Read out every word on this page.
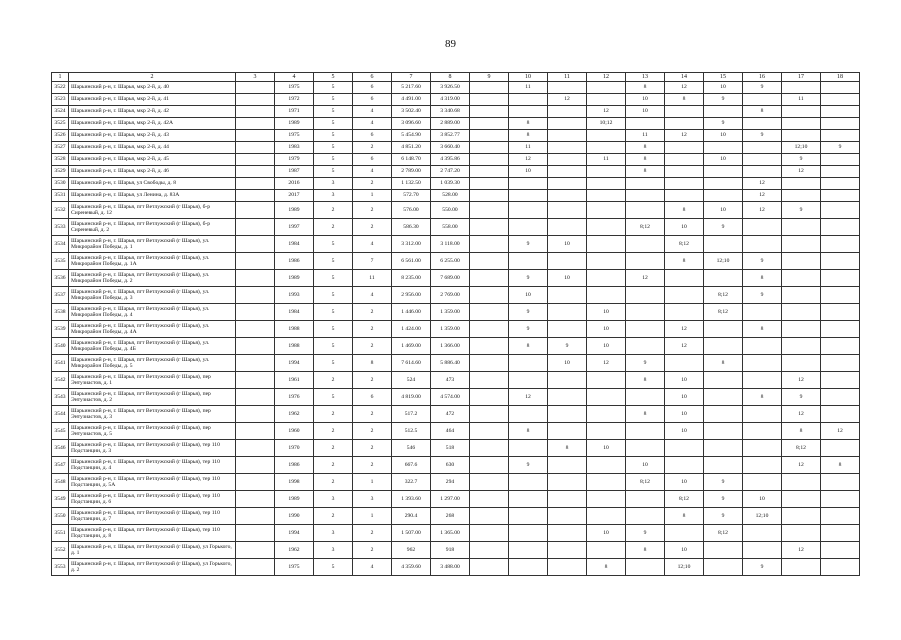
89
1	2	3	4	5	6	7	8	9	10	11	12	13	14	15	16	17	18
3522	Шарьинский р-н, г. Шарья, мкр 2-й, д. 40		1975	5	6	5 217.60	3 926.50		11			8	12	10	9		
3523	Шарьинский р-н, г. Шарья, мкр 2-й, д. 41		1972	5	6	4 491.00	4 319.00			12		10	8	9		11	
3524	Шарьинский р-н, г. Шарья, мкр 2-й, д. 42		1971	5	4	3 502.40	3 340.68				12	10			8		
3525	Шарьинский р-н, г. Шарья, мкр 2-й, д. 42А		1989	5	4	3 096.60	2 889.00		8		10;12			9			
3526	Шарьинский р-н, г. Шарья, мкр 2-й, д. 43		1975	5	6	5 454.90	3 852.77		8			11	12	10	9		
3527	Шарьинский р-н, г. Шарья, мкр 2-й, д. 44		1983	5	2	4 851.20	3 660.40		11			8				12;10	9
3528	Шарьинский р-н, г. Шарья, мкр 2-й, д. 45		1979	5	6	6 148.70	4 395.86		12		11	8		10		9	
3529	Шарьинский р-н, г. Шарья, мкр 2-й, д. 46		1987	5	4	2 789.00	2 747.20		10			8				12	
3530	Шарьинский р-н, г. Шарья, ул Свободы, д. 8		2016	3	2	1 132.50	1 039.30								12		
3531	Шарьинский р-н, г. Шарья, ул Ленина, д. 83А		2017	3	1	572.70	528.00								12		
3532	Шарьинский р-н, г. Шарья, пгт Ветлужский (г Шарья), б-р Сиреневый, д. 12		1989	2	2	576.00	550.00						8	10	12	9	
3533	Шарьинский р-н, г. Шарья, пгт Ветлужский (г Шарья), б-р Сиреневый, д. 2		1997	2	2	586.30	558.00					8;12	10	9			
3534	Шарьинский р-н, г. Шарья, пгт Ветлужский (г Шарья), ул. Микрорайон Победы, д. 1		1984	5	4	3 312.00	3 118.00		9	10			8;12				
3535	Шарьинский р-н, г. Шарья, пгт Ветлужский (г Шарья), ул. Микрорайон Победы, д. 1А		1986	5	7	6 561.00	6 255.00						8	12;10	9		
3536	Шарьинский р-н, г. Шарья, пгт Ветлужский (г Шарья), ул. Микрорайон Победы, д. 2		1989	5	11	8 235.00	7 689.00		9	10		12			8		
3537	Шарьинский р-н, г. Шарья, пгт Ветлужский (г Шарья), ул. Микрорайон Победы, д. 3		1993	5	4	2 956.00	2 769.00		10					8;12	9		
3538	Шарьинский р-н, г. Шарья, пгт Ветлужский (г Шарья), ул. Микрорайон Победы, д. 4		1984	5	2	1 446.00	1 359.00		9		10			8;12			
3539	Шарьинский р-н, г. Шарья, пгт Ветлужский (г Шарья), ул. Микрорайон Победы, д. 4А		1988	5	2	1 424.00	1 359.00		9		10		12		8		
3540	Шарьинский р-н, г. Шарья, пгт Ветлужский (г Шарья), ул. Микрорайон Победы, д. 4Б		1988	5	2	1 469.00	1 366.00		8	9	10		12				
3541	Шарьинский р-н, г. Шарья, пгт Ветлужский (г Шарья), ул. Микрорайон Победы, д. 5		1994	5	8	7 614.60	5 886.40			10	12	9		8			
3542	Шарьинский р-н, г. Шарья, пгт Ветлужский (г Шарья), пер Энтузиастов, д. 1		1961	2	2	524	473					8	10			12	
3543	Шарьинский р-н, г. Шарья, пгт Ветлужский (г Шарья), пер Энтузиастов, д. 2		1976	5	6	4 819.00	4 574.00		12				10		8	9	
3544	Шарьинский р-н, г. Шарья, пгт Ветлужский (г Шарья), пер Энтузиастов, д. 3		1962	2	2	517.2	472					8	10			12	
3545	Шарьинский р-н, г. Шарья, пгт Ветлужский (г Шарья), пер Энтузиастов, д. 5		1960	2	2	512.5	464		8				10			8	12
3546	Шарьинский р-н, г. Шарья, пгт Ветлужский (г Шарья), тер 110 Подстанции, д. 3		1970	2	2	546	518			8	10					8;12	
3547	Шарьинский р-н, г. Шарья, пгт Ветлужский (г Шарья), тер 110 Подстанции, д. 4		1986	2	2	667.6	630		9			10				12	8
3548	Шарьинский р-н, г. Шарья, пгт Ветлужский (г Шарья), тер 110 Подстанции, д. 5А		1998	2	1	322.7	294					8;12	10	9			
3549	Шарьинский р-н, г. Шарья, пгт Ветлужский (г Шарья), тер 110 Подстанции, д. 6		1989	3	3	1 393.60	1 297.00						8;12	9	10		
3550	Шарьинский р-н, г. Шарья, пгт Ветлужский (г Шарья), тер 110 Подстанции, д. 7		1990	2	1	290.4	268						8	9	12;10		
3551	Шарьинский р-н, г. Шарья, пгт Ветлужский (г Шарья), тер 110 Подстанции, д. 8		1994	3	2	1 507.00	1 365.00				10	9		8;12			
3552	Шарьинский р-н, г. Шарья, пгт Ветлужский (г Шарья), ул Горького, д. 1		1962	3	2	962	918					8	10			12	
3553	Шарьинский р-н, г. Шарья, пгт Ветлужский (г Шарья), ул Горького, д. 2		1975	5	4	4 359.60	3 488.00				8		12;10		9		
